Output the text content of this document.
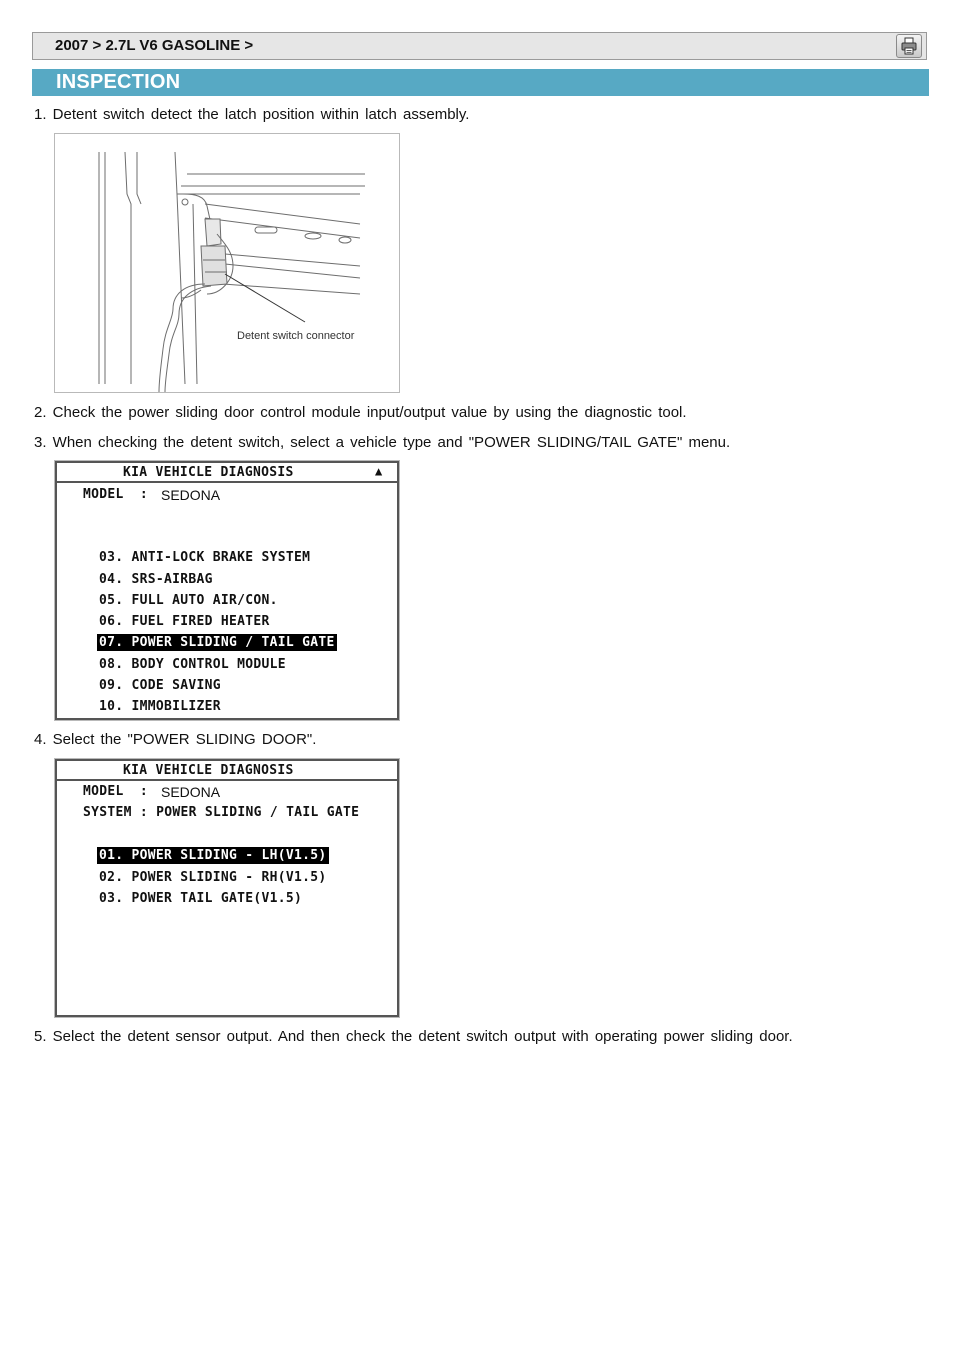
2007 > 2.7L V6 GASOLINE >
INSPECTION
1. Detent switch detect the latch position within latch assembly.
Detent switch connector
2. Check the power sliding door control module input/output value by using the diagnostic tool.
3. When checking the detent switch, select a vehicle type and "POWER SLIDING/TAIL GATE" menu.
KIA VEHICLE DIAGNOSIS	▲
MODEL  : SEDONA
03. ANTI-LOCK BRAKE SYSTEM
04. SRS-AIRBAG
05. FULL AUTO AIR/CON.
06. FUEL FIRED HEATER
07. POWER SLIDING / TAIL GATE
08. BODY CONTROL MODULE
09. CODE SAVING
10. IMMOBILIZER
4. Select the "POWER SLIDING DOOR".
KIA VEHICLE DIAGNOSIS
MODEL  : SEDONA
SYSTEM : POWER SLIDING / TAIL GATE
01. POWER SLIDING - LH(V1.5)
02. POWER SLIDING - RH(V1.5)
03. POWER TAIL GATE(V1.5)
5. Select the detent sensor output. And then check the detent switch output with operating power sliding door.
